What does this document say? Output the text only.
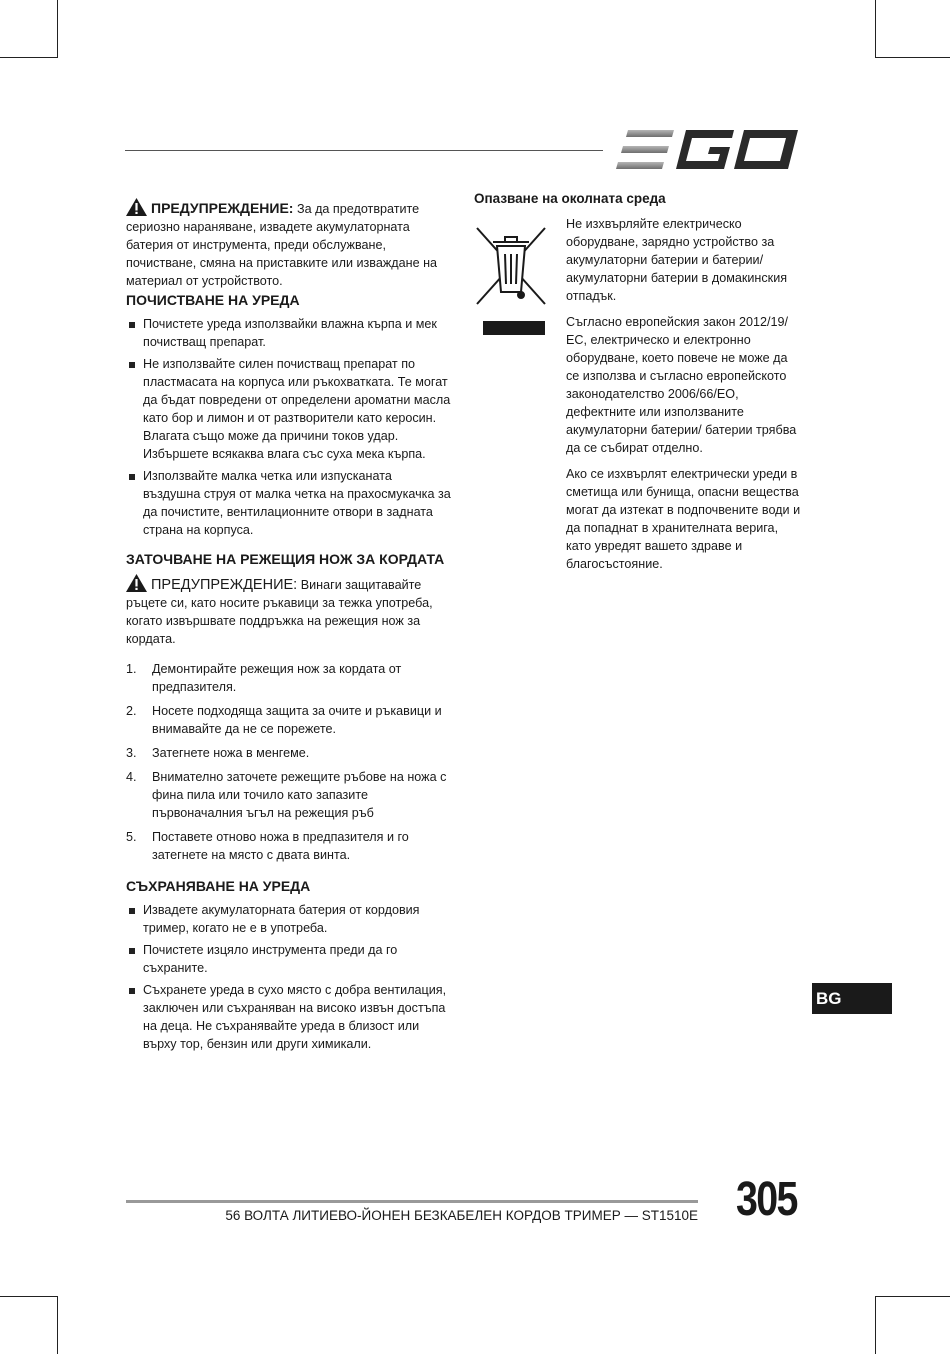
ПРЕДУПРЕЖДЕНИЕ: За да предотвратите сериозно нараняване, извадете акумулаторната батерия от инструмента, преди обслужване, почистване, смяна на приставките или изваждане на материал от устройството.

ПОЧИСТВАНЕ НА УРЕДА
Почистете уреда използвайки влажна кърпа и мек почистващ препарат.
Не използвайте силен почистващ препарат по пластмасата на корпуса или ръкохватката. Те могат да бъдат повредени от определени ароматни масла като бор и лимон и от разтворители като керосин. Влагата също може да причини токов удар. Избършете всякаква влага със суха мека кърпа.
Използвайте малка четка или изпусканата въздушна струя от малка четка на прахосмукачка за да почистите, вентилационните отвори в задната страна на корпуса.
ЗАТОЧВАНЕ НА РЕЖЕЩИЯ НОЖ ЗА КОРДАТА

ПРЕДУПРЕЖДЕНИЕ: Винаги защитавайте ръцете си, като носите ръкавици за тежка употреба, когато извършвате поддръжка на режещия нож за кордата.

1. Демонтирайте режещия нож за кордата от предпазителя.
2. Носете подходяща защита за очите и ръкавици и внимавайте да не се порежете.
3. Затегнете ножа в менгеме.
4. Внимателно заточете режещите ръбове на ножа с фина пила или точило като запазите първоначалния ъгъл на режещия ръб
5. Поставете отново ножа в предпазителя и го затегнете на място с двата винта.
СЪХРАНЯВАНЕ НА УРЕДА
Извадете акумулаторната батерия от кордовия тример, когато не е в употреба.
Почистете изцяло инструмента преди да го съхраните.
Съхранете уреда в сухо място с добра вентилация, заключен или съхраняван на високо извън достъпа на деца. Не съхранявайте уреда в близост или върху тор, бензин или други химикали.
Опазване на околната среда

Не изхвърляйте електрическо оборудване, зарядно устройство за акумулаторни батерии и батерии/ акумулаторни батерии в домакинския отпадък.

Съгласно европейския закон 2012/19/ЕС, електрическо и електронно оборудване, което повече не може да се използва и съгласно европейското законодателство 2006/66/ЕО, дефектните или използваните акумулаторни батерии/ батерии трябва да се събират отделно.

Ако се изхвърлят електрически уреди в сметища или бунища, опасни вещества могат да изтекат в подпочвените води и да попаднат в хранителната верига, като увредят вашето здраве и благосъстояние.

BG
56 ВОЛТА ЛИТИЕВО-ЙОНЕН БЕЗКАБЕЛЕН КОРДОВ ТРИМЕР — ST1510E 305
